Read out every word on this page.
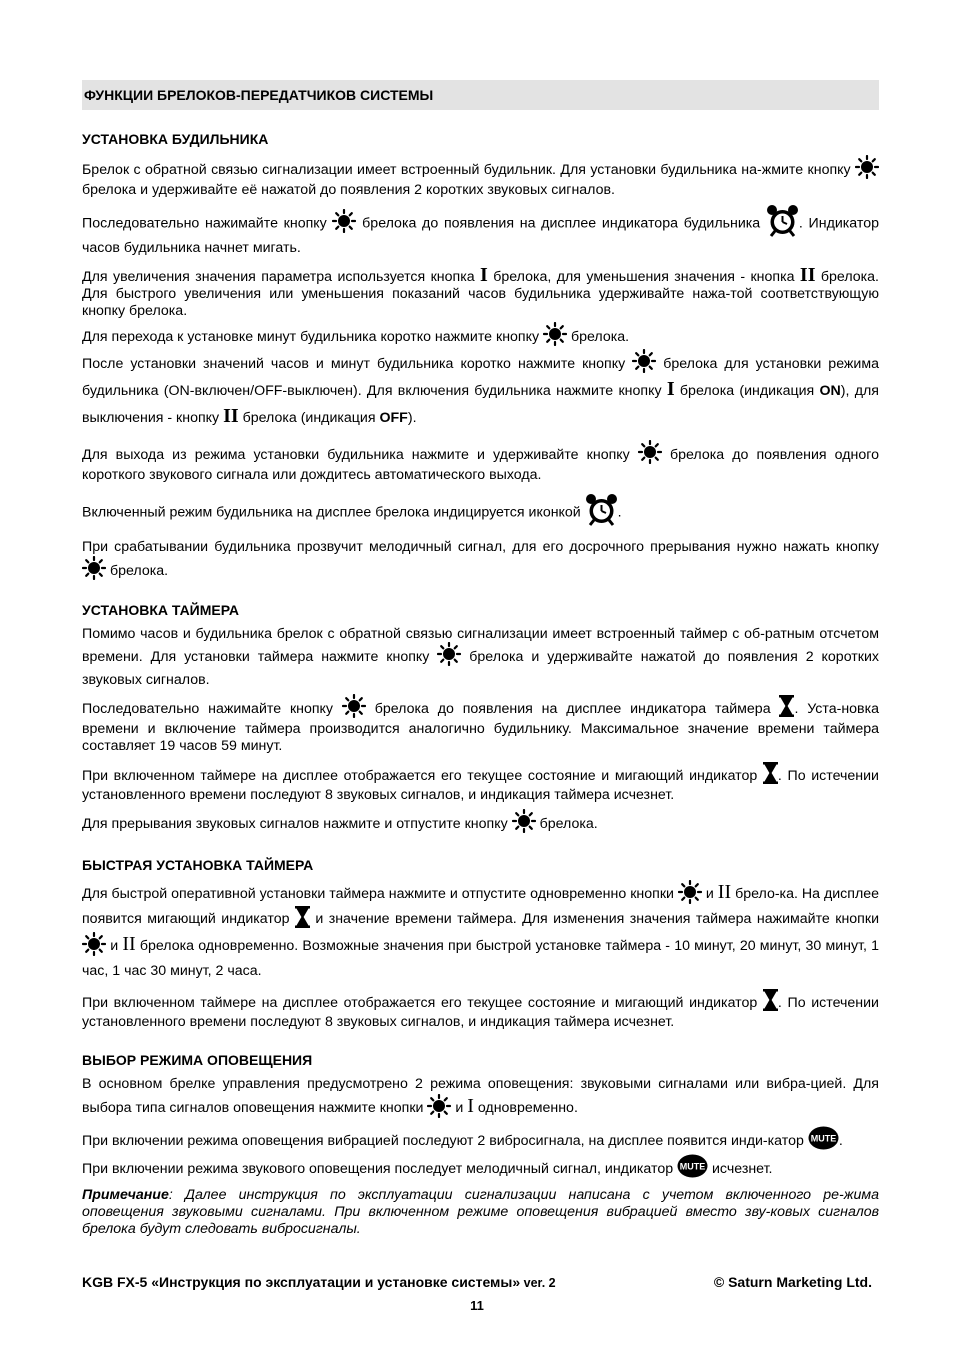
ФУНКЦИИ БРЕЛОКОВ-ПЕРЕДАТЧИКОВ СИСТЕМЫ
УСТАНОВКА БУДИЛЬНИКА

Брелок с обратной связью сигнализации имеет встроенный будильник. Для установки будильника на-жмите кнопку
брелока и удерживайте её нажатой до появления 2 коротких звуковых сигналов.

Последовательно нажимайте кнопку
брелока до появления на дисплее индикатора будильника
. Индикатор часов будильника начнет мигать.

Для увеличения значения параметра используется кнопка I брелока, для уменьшения значения - кнопка II брелока. Для быстрого увеличения или уменьшения показаний часов будильника удерживайте нажа-той соответствующую кнопку брелока.

Для перехода к установке минут будильника коротко нажмите кнопку
брелока.

После установки значений часов и минут будильника коротко нажмите кнопку
брелока для установки режима будильника (ON-включен/OFF-выключен). Для включения будильника нажмите кнопку I брелока (индикация ON), для выключения - кнопку II брелока (индикация OFF).

Для выхода из режима установки будильника нажмите и удерживайте кнопку
брелока до появления одного короткого звукового сигнала или дождитесь автоматического выхода.

Включенный режим будильника на дисплее брелока индицируется иконкой
.

При срабатывании будильника прозвучит мелодичный сигнал, для его досрочного прерывания нужно нажать кнопку
брелока.

УСТАНОВКА ТАЙМЕРА

Помимо часов и будильника брелок с обратной связью сигнализации имеет встроенный таймер с об-ратным отсчетом времени. Для установки таймера нажмите кнопку
брелока и удерживайте нажатой до появления 2 коротких звуковых сигналов.

Последовательно нажимайте кнопку
брелока до появления на дисплее индикатора таймера
. Уста-новка времени и включение таймера производится аналогично будильнику. Максимальное значение времени таймера составляет 19 часов 59 минут.

При включенном таймере на дисплее отображается его текущее состояние и мигающий индикатор
. По истечении установленного времени последуют 8 звуковых сигналов, и индикация таймера исчезнет.

Для прерывания звуковых сигналов нажмите и отпустите кнопку
брелока.

БЫСТРАЯ УСТАНОВКА ТАЙМЕРА

Для быстрой оперативной установки таймера нажмите и отпустите одновременно кнопки
и II брело-ка. На дисплее появится мигающий индикатор
и значение времени таймера. Для изменения значения таймера нажимайте кнопки
и II брелока одновременно. Возможные значения при быстрой установке таймера - 10 минут, 20 минут, 30 минут, 1 час, 1 час 30 минут, 2 часа.

При включенном таймере на дисплее отображается его текущее состояние и мигающий индикатор
. По истечении установленного времени последуют 8 звуковых сигналов, и индикация таймера исчезнет.

ВЫБОР РЕЖИМА ОПОВЕЩЕНИЯ

В основном брелке управления предусмотрено 2 режима оповещения: звуковыми сигналами или вибра-цией. Для выбора типа сигналов оповещения нажмите кнопки
и I одновременно.

При включении режима оповещения вибрацией последуют 2 вибросигнала, на дисплее появится инди-катор MUTE .

При включении режима звукового оповещения последует мелодичный сигнал, индикатор MUTE исчезнет.

Примечание: Далее инструкция по эксплуатации сигнализации написана с учетом включенного ре-жима оповещения звуковыми сигналами. При включенном режиме оповещения вибрацией вместо зву-ковых сигналов брелока будут следовать вибросигналы.

KGB FX-5 «Инструкция по эксплуатации и установке системы» ver. 2	© Saturn Marketing Ltd.
11
